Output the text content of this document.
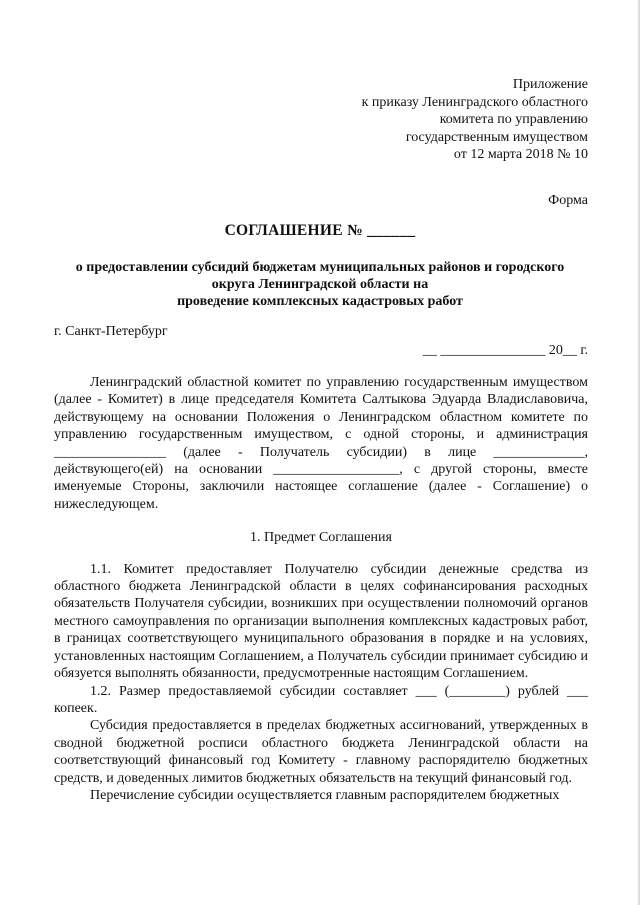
Приложение
к приказу Ленинградского областного
комитета по управлению
государственным имуществом
от 12 марта 2018 № 10
Форма
СОГЛАШЕНИЕ № ______
о предоставлении субсидий бюджетам муниципальных районов и городского
округа Ленинградской области на
проведение комплексных кадастровых работ
г. Санкт-Петербург
__ _______________ 20__ г.

Ленинградский областной комитет по управлению государственным имуществом (далее - Комитет) в лице председателя Комитета Салтыкова Эдуарда Владиславовича, действующему на основании Положения о Ленинградском областном комитете по управлению государственным имуществом, с одной стороны, и администрация ________________ (далее - Получатель субсидии) в лице _____________, действующего(ей) на основании __________________, с другой стороны, вместе именуемые Стороны, заключили настоящее соглашение (далее - Соглашение) о нижеследующем.

1. Предмет Соглашения

1.1. Комитет предоставляет Получателю субсидии денежные средства из областного бюджета Ленинградской области в целях софинансирования расходных обязательств Получателя субсидии, возникших при осуществлении полномочий органов местного самоуправления по организации выполнения комплексных кадастровых работ, в границах соответствующего муниципального образования в порядке и на условиях, установленных настоящим Соглашением, а Получатель субсидии принимает субсидию и обязуется выполнять обязанности, предусмотренные настоящим Соглашением.

1.2. Размер предоставляемой субсидии составляет ___ (________) рублей ___ копеек.

Субсидия предоставляется в пределах бюджетных ассигнований, утвержденных в сводной бюджетной росписи областного бюджета Ленинградской области на соответствующий финансовый год Комитету - главному распорядителю бюджетных средств, и доведенных лимитов бюджетных обязательств на текущий финансовый год.

Перечисление субсидии осуществляется главным распорядителем бюджетных
